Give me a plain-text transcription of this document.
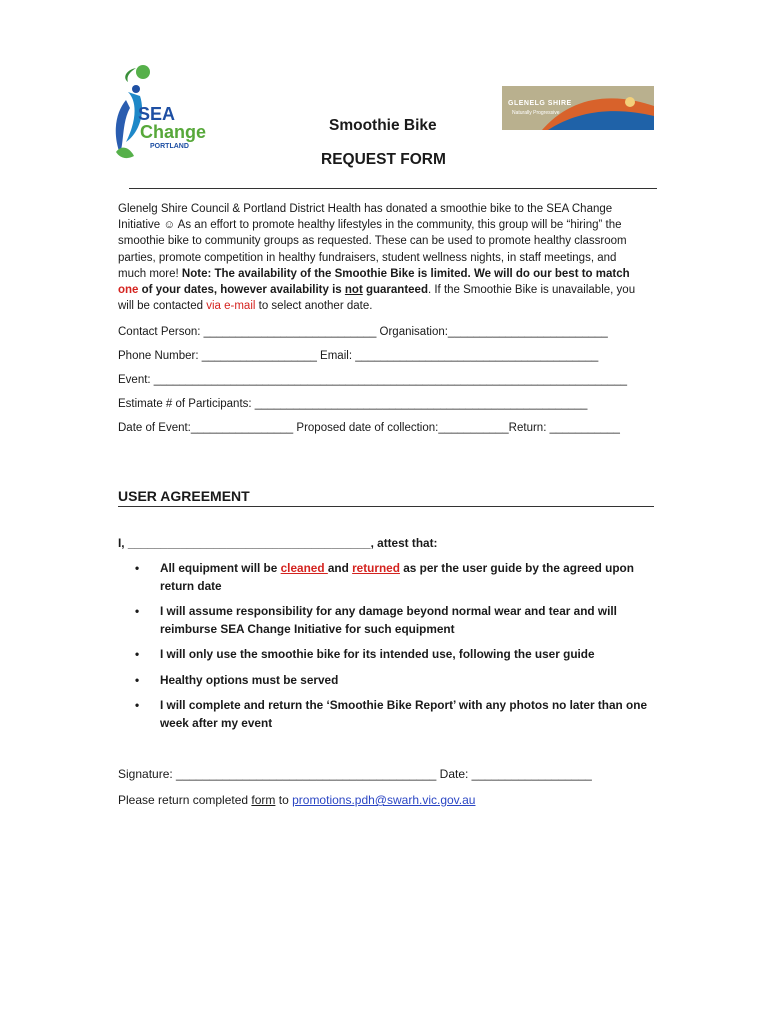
SEA
Change
PORTLAND
GLENELG SHIRE
Naturally Progressive
Smoothie Bike
REQUEST FORM
Glenelg Shire Council & Portland District Health has donated a smoothie bike to the SEA Change Initiative ☺ As an effort to promote healthy lifestyles in the community, this group will be “hiring” the smoothie bike to community groups as requested. These can be used to promote healthy classroom parties, promote competition in healthy fundraisers, student wellness nights, in staff meetings, and much more! Note: The availability of the Smoothie Bike is limited. We will do our best to match one of your dates, however availability is not guaranteed. If the Smoothie Bike is unavailable, you will be contacted via e-mail to select another date.
Contact Person: ___________________________ Organisation:_________________________
Phone Number: __________________ Email: ______________________________________
Event: __________________________________________________________________________
Estimate # of Participants: ____________________________________________________
Date of Event:________________ Proposed date of collection:___________Return: ___________
USER AGREEMENT
I, _____________________________________, attest that:
• All equipment will be cleaned and returned as per the user guide by the agreed upon return date
• I will assume responsibility for any damage beyond normal wear and tear and will reimburse SEA Change Initiative for such equipment
• I will only use the smoothie bike for its intended use, following the user guide
• Healthy options must be served
• I will complete and return the ‘Smoothie Bike Report’ with any photos no later than one week after my event
Signature: _______________________________________ Date: __________________
Please return completed form to promotions.pdh@swarh.vic.gov.au
